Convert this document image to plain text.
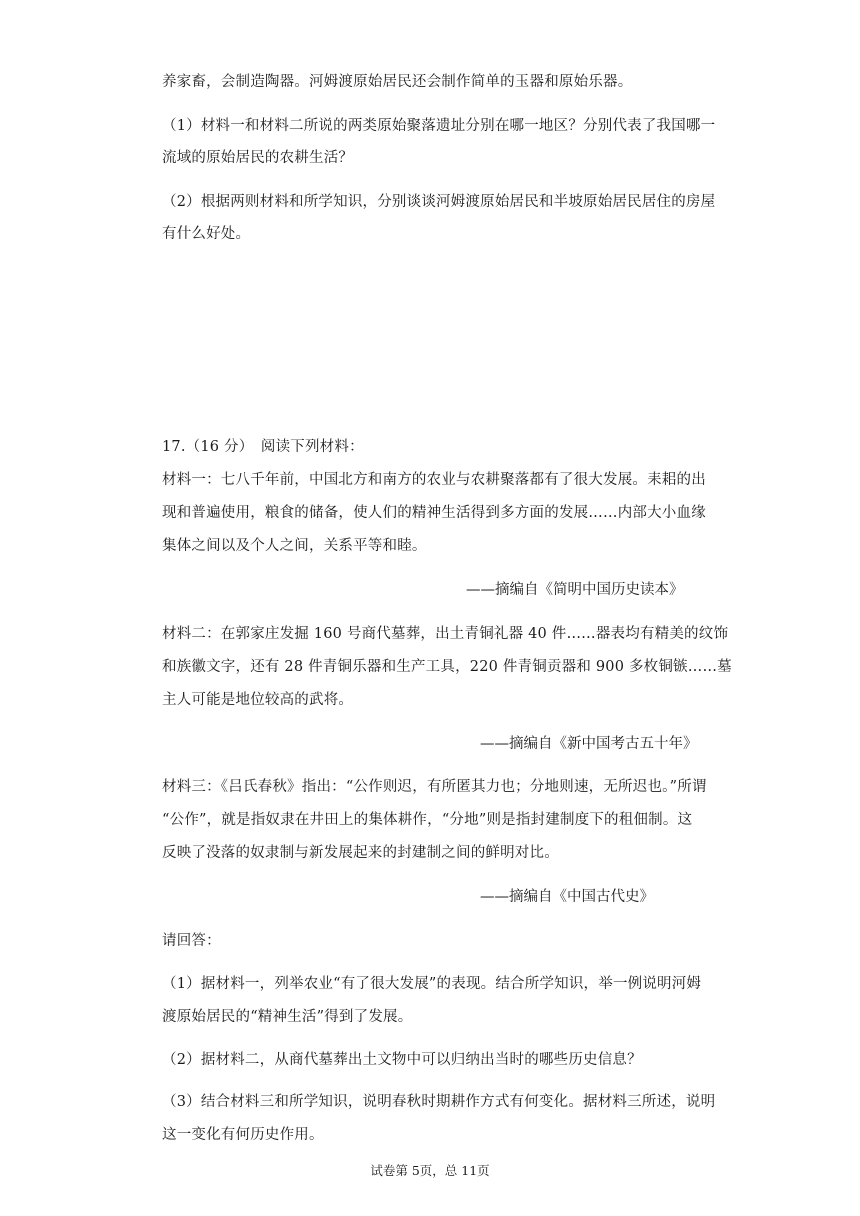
养家畜，会制造陶器。河姆渡原始居民还会制作简单的玉器和原始乐器。
（1）材料一和材料二所说的两类原始聚落遗址分别在哪一地区？分别代表了我国哪一
流域的原始居民的农耕生活？
（2）根据两则材料和所学知识，分别谈谈河姆渡原始居民和半坡原始居民居住的房屋
有什么好处。
17.（16 分）　阅读下列材料：
材料一：七八千年前，中国北方和南方的农业与农耕聚落都有了很大发展。耒耜的出
现和普遍使用，粮食的储备，使人们的精神生活得到多方面的发展……内部大小血缘
集体之间以及个人之间，关系平等和睦。
——摘编自《简明中国历史读本》
材料二：在郭家庄发掘 160 号商代墓葬，出土青铜礼器 40 件……器表均有精美的纹饰
和族徽文字，还有 28 件青铜乐器和生产工具，220 件青铜贡器和 900 多枚铜镞……墓
主人可能是地位较高的武将。
——摘编自《新中国考古五十年》
材料三：《吕氏春秋》指出：“公作则迟，有所匿其力也；分地则速，无所迟也。”所谓
“公作”，就是指奴隶在井田上的集体耕作，“分地”则是指封建制度下的租佃制。这
反映了没落的奴隶制与新发展起来的封建制之间的鲜明对比。
——摘编自《中国古代史》
请回答：
（1）据材料一，列举农业“有了很大发展”的表现。结合所学知识，举一例说明河姆
渡原始居民的“精神生活”得到了发展。
（2）据材料二，从商代墓葬出土文物中可以归纳出当时的哪些历史信息？
（3）结合材料三和所学知识，说明春秋时期耕作方式有何变化。据材料三所述，说明
这一变化有何历史作用。
试卷第 5页，总 11页
